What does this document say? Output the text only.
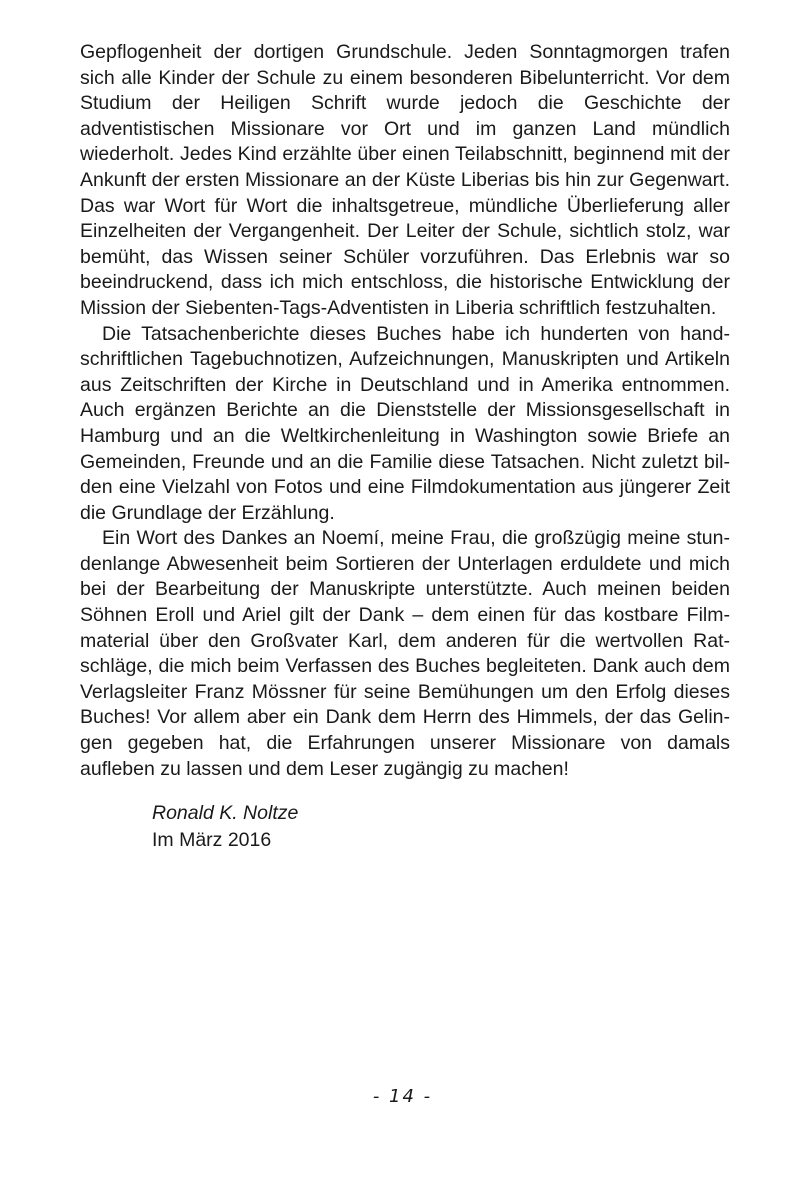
Gepflogenheit der dortigen Grundschule. Jeden Sonntagmorgen trafen sich alle Kinder der Schule zu einem besonderen Bibelunterricht. Vor dem Studium der Heiligen Schrift wurde jedoch die Geschichte der adventistischen Missionare vor Ort und im ganzen Land mündlich wiederholt. Jedes Kind erzählte über einen Teilabschnitt, beginnend mit der Ankunft der ersten Missionare an der Küste Liberias bis hin zur Gegenwart. Das war Wort für Wort die inhaltsgetreue, mündliche Überlieferung aller Einzelheiten der Vergangenheit. Der Leiter der Schule, sichtlich stolz, war bemüht, das Wissen seiner Schüler vorzuführen. Das Erlebnis war so beeindruckend, dass ich mich entschloss, die historische Entwicklung der Mission der Siebenten-Tags-Adventisten in Liberia schriftlich festzuhalten.

Die Tatsachenberichte dieses Buches habe ich hunderten von handschriftlichen Tagebuchnotizen, Aufzeichnungen, Manuskripten und Artikeln aus Zeitschriften der Kirche in Deutschland und in Amerika entnommen. Auch ergänzen Berichte an die Dienststelle der Missionsgesellschaft in Hamburg und an die Weltkirchenleitung in Washington sowie Briefe an Gemeinden, Freunde und an die Familie diese Tatsachen. Nicht zuletzt bilden eine Vielzahl von Fotos und eine Filmdokumentation aus jüngerer Zeit die Grundlage der Erzählung.

Ein Wort des Dankes an Noemí, meine Frau, die großzügig meine stundenlange Abwesenheit beim Sortieren der Unterlagen erduldete und mich bei der Bearbeitung der Manuskripte unterstützte. Auch meinen beiden Söhnen Eroll und Ariel gilt der Dank – dem einen für das kostbare Filmmaterial über den Großvater Karl, dem anderen für die wertvollen Ratschläge, die mich beim Verfassen des Buches begleiteten. Dank auch dem Verlagsleiter Franz Mössner für seine Bemühungen um den Erfolg dieses Buches! Vor allem aber ein Dank dem Herrn des Himmels, der das Gelingen gegeben hat, die Erfahrungen unserer Missionare von damals aufleben zu lassen und dem Leser zugängig zu machen!

Ronald K. Noltze
Im März 2016
- 14 -
